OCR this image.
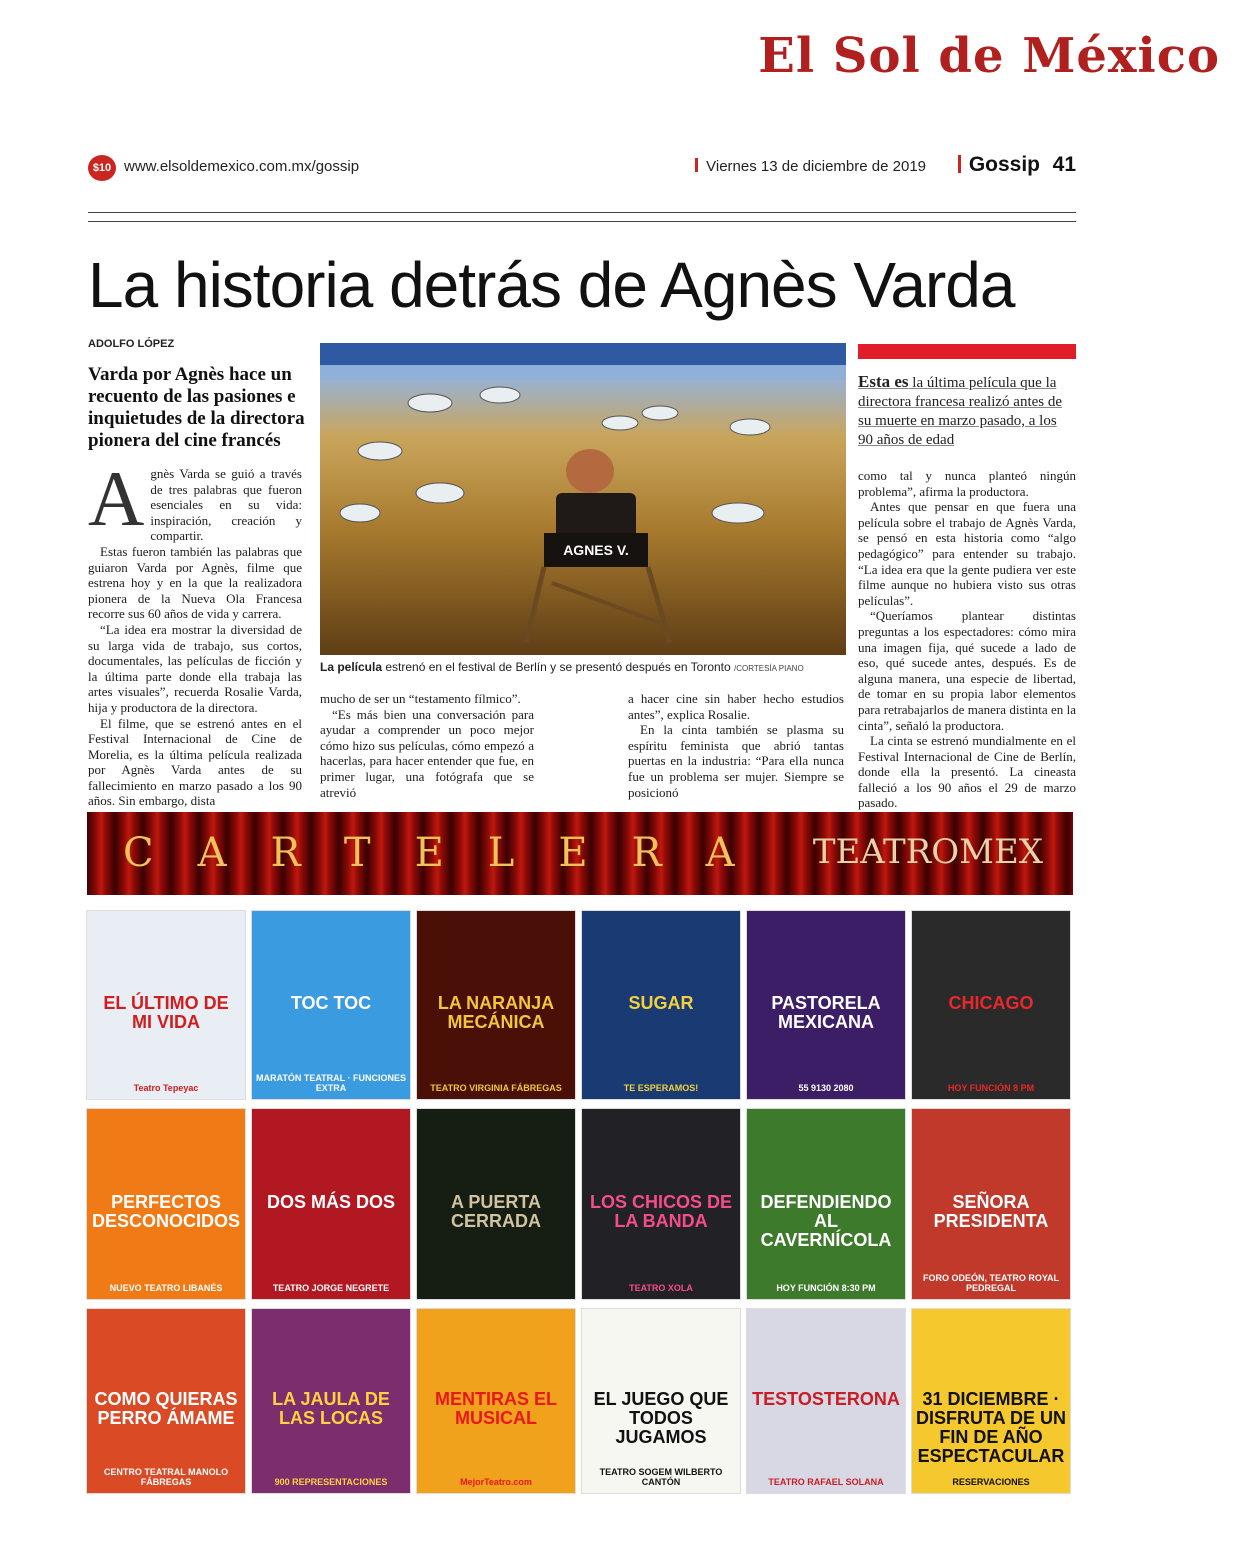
El Sol de México
$10 www.elsoldemexico.com.mx/gossip	Viernes 13 de diciembre de 2019	Gossip 41
La historia detrás de Agnès Varda
ADOLFO LÓPEZ
Varda por Agnès hace un recuento de las pasiones e inquietudes de la directora pionera del cine francés

Agnès Varda se guió a través de tres palabras que fueron esenciales en su vida: inspiración, creación y compartir.

Estas fueron también las palabras que guiaron Varda por Agnès, filme que estrena hoy y en la que la realizadora pionera de la Nueva Ola Francesa recorre sus 60 años de vida y carrera.

“La idea era mostrar la diversidad de su larga vida de trabajo, sus cortos, documentales, las películas de ficción y la última parte donde ella trabaja las artes visuales”, recuerda Rosalie Varda, hija y productora de la directora.

El filme, que se estrenó antes en el Festival Internacional de Cine de Morelia, es la última película realizada por Agnès Varda antes de su fallecimiento en marzo pasado a los 90 años. Sin embargo, dista

AGNES V.
La película estrenó en el festival de Berlín y se presentó después en Toronto /CORTESÍA PIANO

mucho de ser un “testamento fílmico”.

“Es más bien una conversación para ayudar a comprender un poco mejor cómo hizo sus películas, cómo empezó a hacerlas, para hacer entender que fue, en primer lugar, una fotógrafa que se atrevió

a hacer cine sin haber hecho estudios antes”, explica Rosalie.

En la cinta también se plasma su espíritu feminista que abrió tantas puertas en la industria: “Para ella nunca fue un problema ser mujer. Siempre se posicionó

Esta es la última película que la directora francesa realizó antes de su muerte en marzo pasado, a los 90 años de edad

como tal y nunca planteó ningún problema”, afirma la productora.

Antes que pensar en que fuera una película sobre el trabajo de Agnès Varda, se pensó en esta historia como “algo pedagógico” para entender su trabajo. “La idea era que la gente pudiera ver este filme aunque no hubiera visto sus otras películas”.

“Queríamos plantear distintas preguntas a los espectadores: cómo mira una imagen fija, qué sucede a lado de eso, qué sucede antes, después. Es de alguna manera, una especie de libertad, de tomar en su propia labor elementos para retrabajarlos de manera distinta en la cinta”, señaló la productora.

La cinta se estrenó mundialmente en el Festival Internacional de Cine de Berlín, donde ella la presentó. La cineasta falleció a los 90 años el 29 de marzo pasado.

CARTELERA TEATROMEX
EL ÚLTIMO DE MI VIDA
Teatro Tepeyac
TOC TOC
MARATÓN TEATRAL · FUNCIONES EXTRA
LA NARANJA MECÁNICA
TEATRO VIRGINIA FÁBREGAS
SUGAR
TE ESPERAMOS!
PASTORELA MEXICANA
55 9130 2080
CHICAGO
HOY FUNCIÓN 8 PM
PERFECTOS DESCONOCIDOS
NUEVO TEATRO LIBANÉS
DOS MÁS DOS
TEATRO JORGE NEGRETE
A PUERTA CERRADA
LOS CHICOS DE LA BANDA
TEATRO XOLA
DEFENDIENDO AL CAVERNÍCOLA
HOY FUNCIÓN 8:30 PM
SEÑORA PRESIDENTA
FORO ODEÓN, TEATRO ROYAL PEDREGAL
COMO QUIERAS PERRO ÁMAME
CENTRO TEATRAL MANOLO FÁBREGAS
LA JAULA DE LAS LOCAS
900 REPRESENTACIONES
MENTIRAS EL MUSICAL
MejorTeatro.com
EL JUEGO QUE TODOS JUGAMOS
TEATRO SOGEM WILBERTO CANTÓN
TESTOSTERONA
TEATRO RAFAEL SOLANA
31 DICIEMBRE · DISFRUTA DE UN FIN DE AÑO ESPECTACULAR
RESERVACIONES
